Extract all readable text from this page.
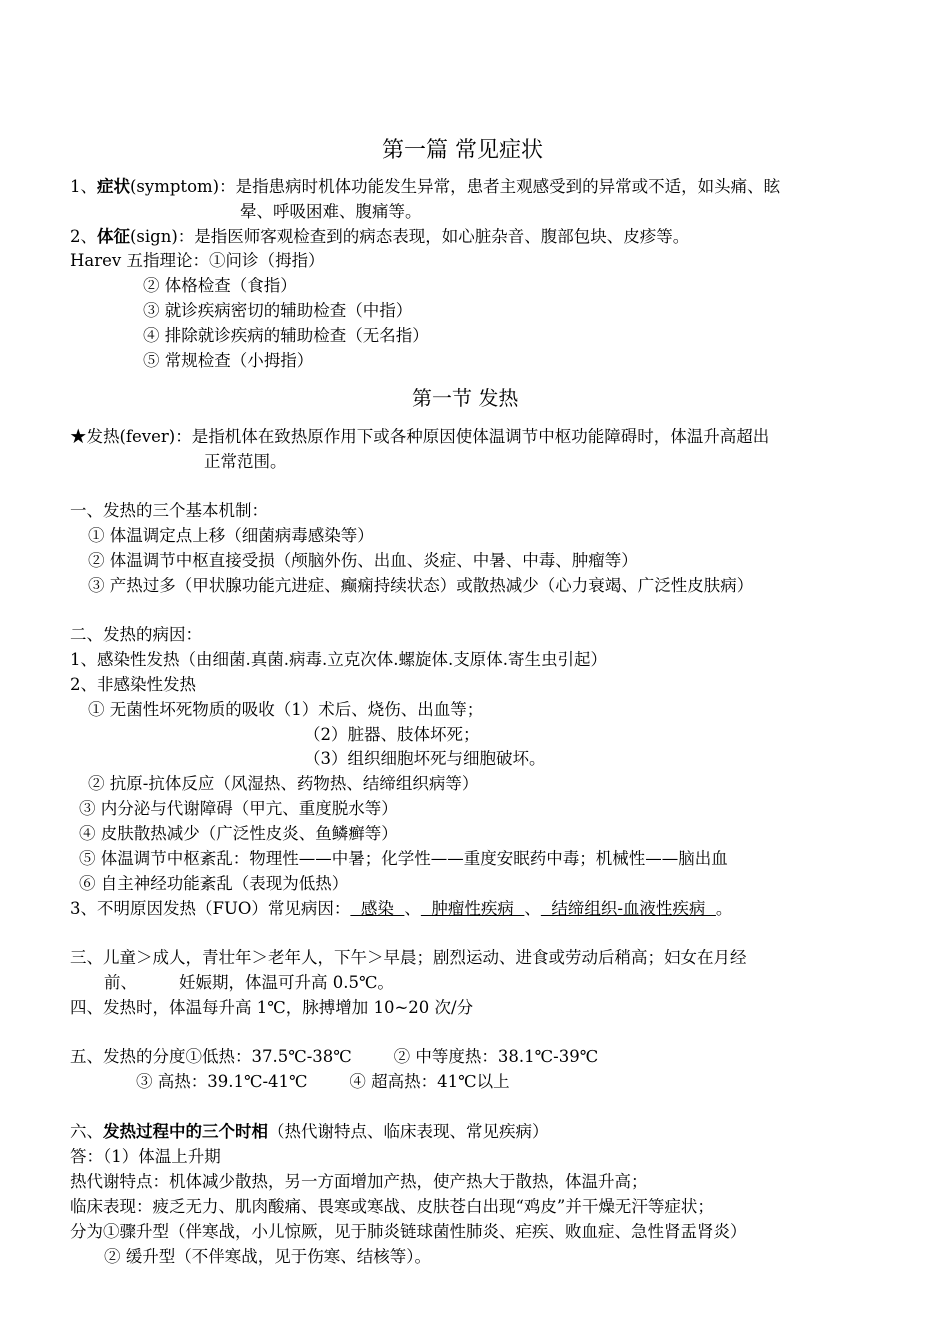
第一篇 常见症状
1、症状(symptom)：是指患病时机体功能发生异常，患者主观感受到的异常或不适，如头痛、眩
晕、呼吸困难、腹痛等。
2、体征(sign)：是指医师客观检查到的病态表现，如心脏杂音、腹部包块、皮疹等。
Harev 五指理论：①问诊（拇指）
② 体格检查（食指）
③ 就诊疾病密切的辅助检查（中指）
④ 排除就诊疾病的辅助检查（无名指）
⑤ 常规检查（小拇指）
第一节 发热
★发热(fever)：是指机体在致热原作用下或各种原因使体温调节中枢功能障碍时，体温升高超出
正常范围。
一、发热的三个基本机制：
① 体温调定点上移（细菌病毒感染等）
② 体温调节中枢直接受损（颅脑外伤、出血、炎症、中暑、中毒、肿瘤等）
③ 产热过多（甲状腺功能亢进症、癫痫持续状态）或散热减少（心力衰竭、广泛性皮肤病）
二、发热的病因：
1、感染性发热（由细菌.真菌.病毒.立克次体.螺旋体.支原体.寄生虫引起）
2、非感染性发热
① 无菌性坏死物质的吸收（1）术后、烧伤、出血等；
（2）脏器、肢体坏死；
（3）组织细胞坏死与细胞破坏。
② 抗原-抗体反应（风湿热、药物热、结缔组织病等）
③ 内分泌与代谢障碍（甲亢、重度脱水等）
④ 皮肤散热减少（广泛性皮炎、鱼鳞癣等）
⑤ 体温调节中枢紊乱：物理性——中暑；化学性——重度安眠药中毒；机械性——脑出血
⑥ 自主神经功能紊乱（表现为低热）
3、不明原因发热（FUO）常见病因：  感染  、  肿瘤性疾病  、  结缔组织-血液性疾病  。
三、儿童＞成人，青壮年＞老年人，下午＞早晨；剧烈运动、进食或劳动后稍高；妇女在月经
前、        妊娠期，体温可升高 0.5℃。
四、发热时，体温每升高 1℃，脉搏增加 10~20 次/分
五、发热的分度①低热：37.5℃-38℃        ② 中等度热：38.1℃-39℃
③ 高热：39.1℃-41℃        ④ 超高热：41℃以上
六、发热过程中的三个时相（热代谢特点、临床表现、常见疾病）
答：（1）体温上升期
热代谢特点：机体减少散热，另一方面增加产热，使产热大于散热，体温升高；
临床表现：疲乏无力、肌肉酸痛、畏寒或寒战、皮肤苍白出现“鸡皮”并干燥无汗等症状；
分为①骤升型（伴寒战，小儿惊厥，见于肺炎链球菌性肺炎、疟疾、败血症、急性肾盂肾炎）
② 缓升型（不伴寒战，见于伤寒、结核等）。
